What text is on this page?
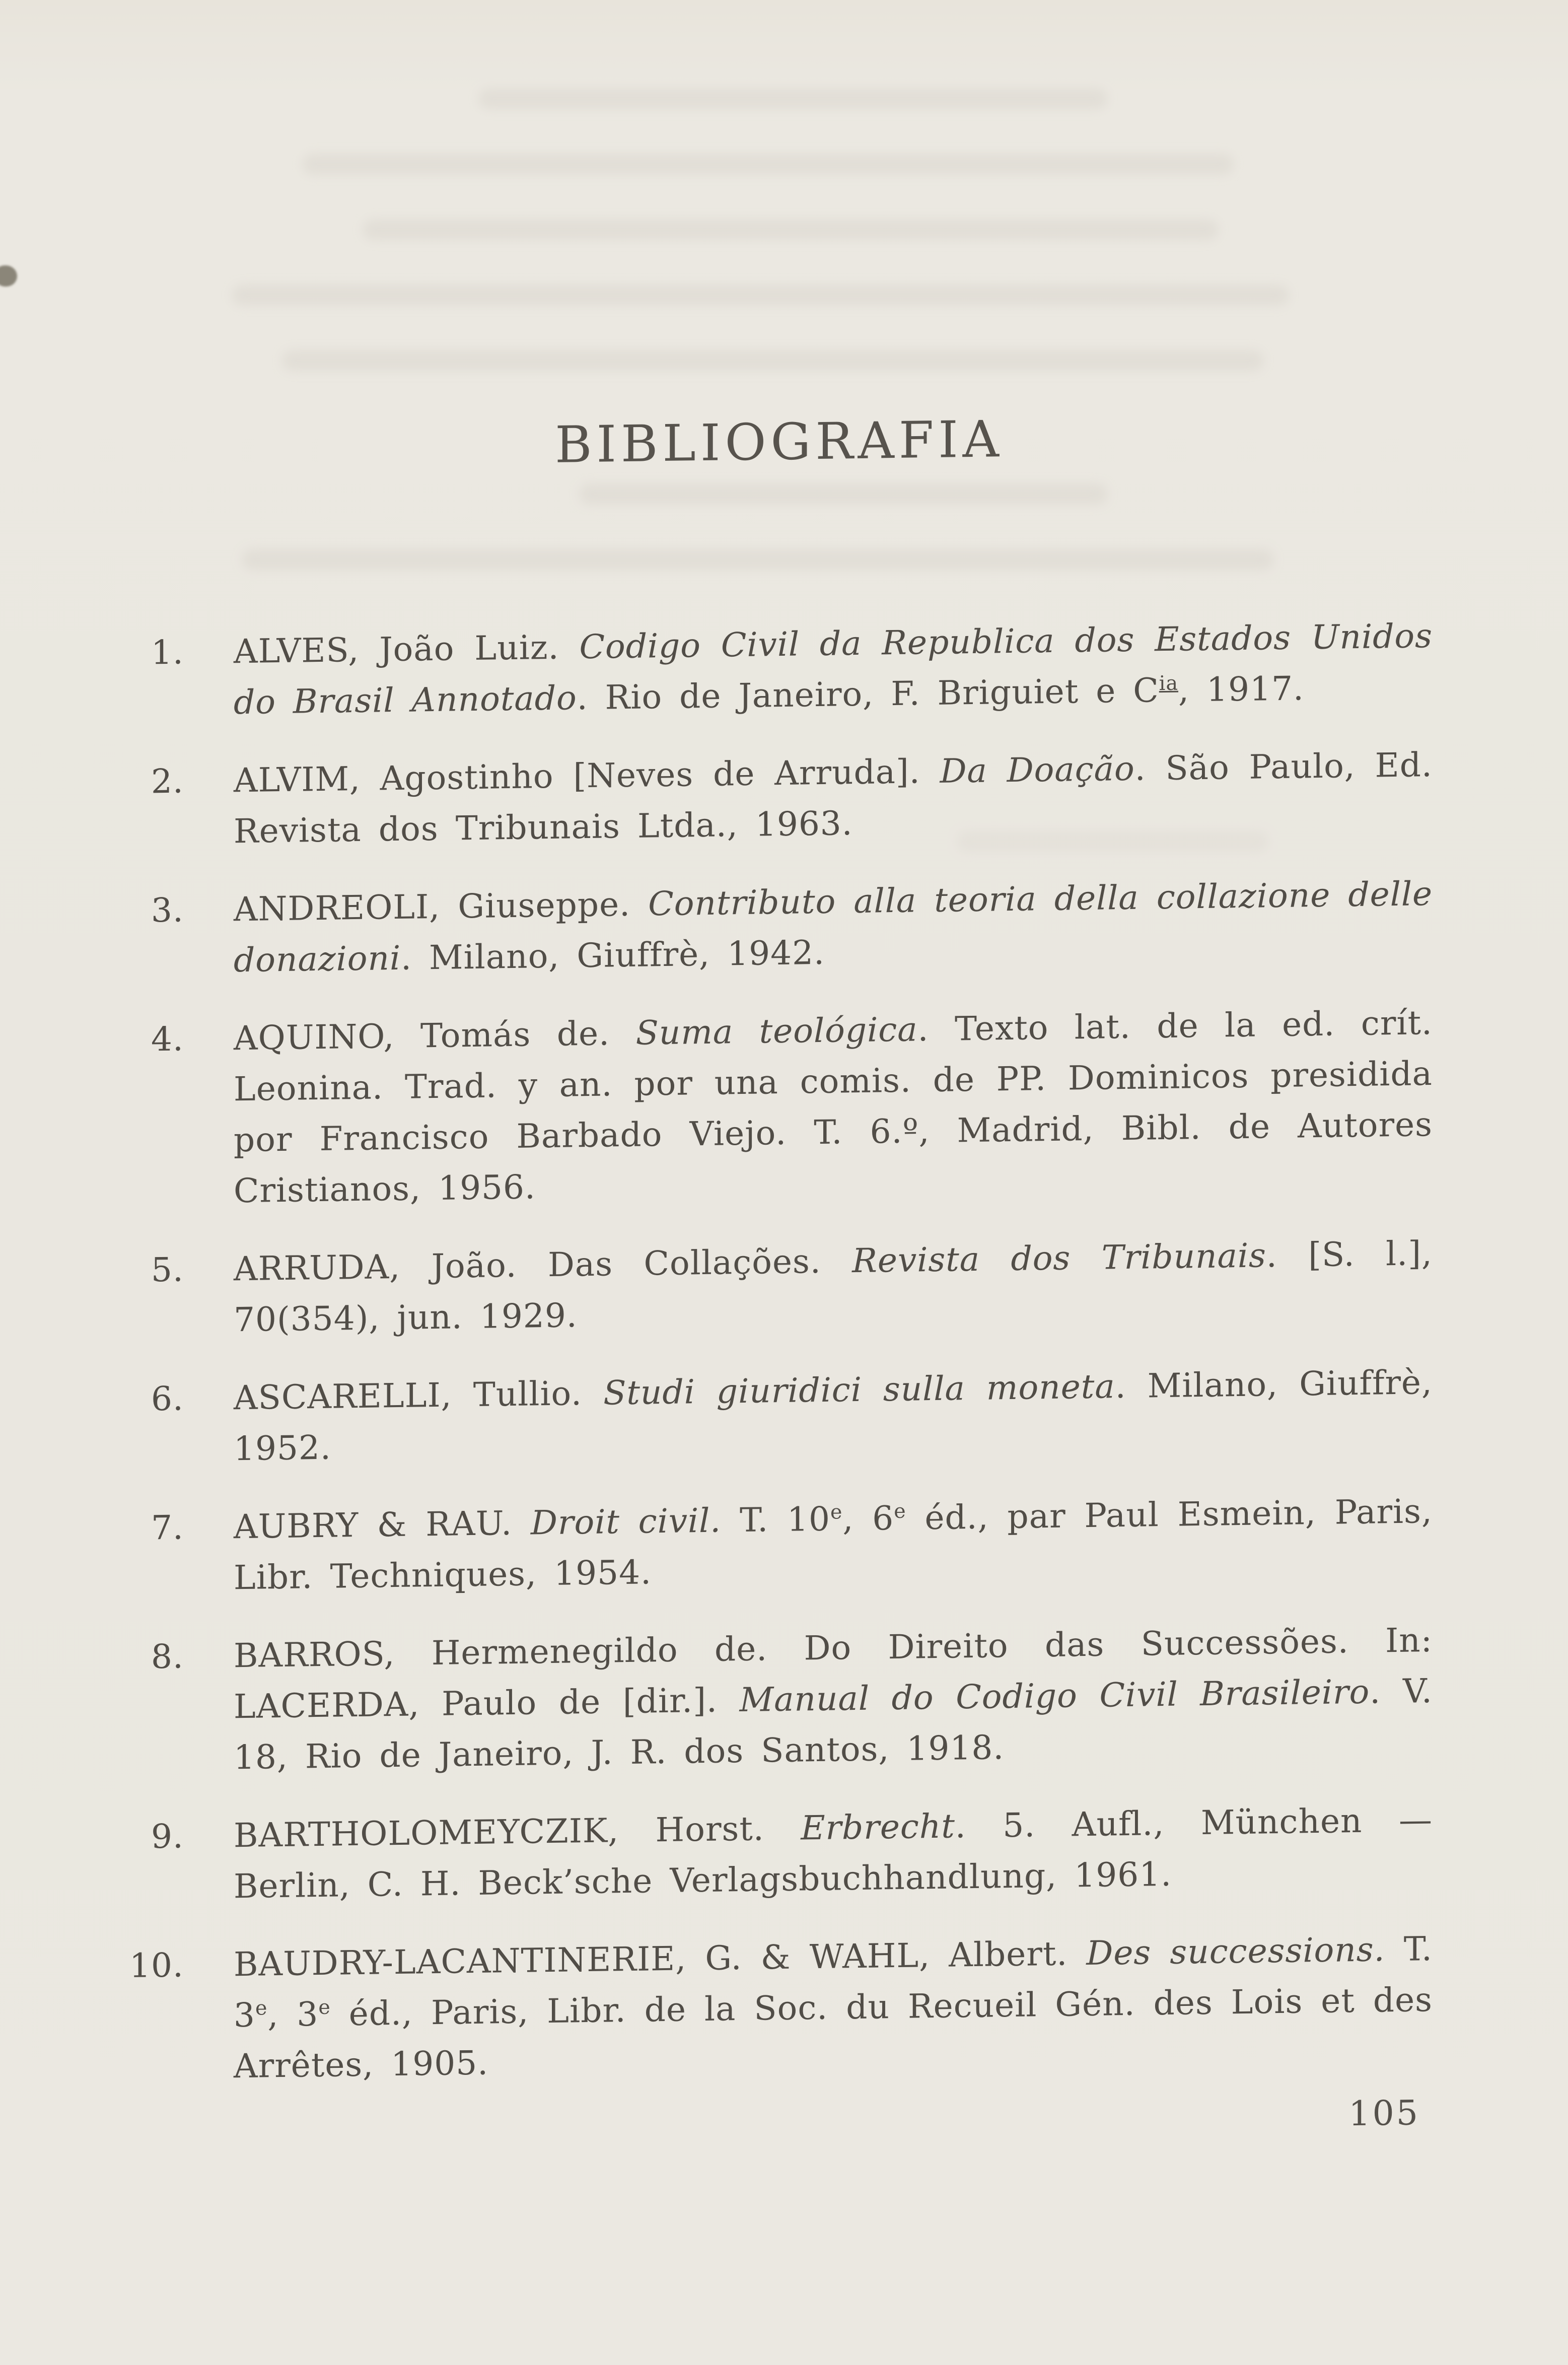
BIBLIOGRAFIA
1. ALVES, João Luiz. Codigo Civil da Republica dos Estados Unidos do Brasil Annotado. Rio de Janeiro, F. Briguiet e $C^{ia}$, 1917.

2. ALVIM, Agostinho [Neves de Arruda]. Da Doação. São Paulo, Ed. Revista dos Tribunais Ltda., 1963.

3. ANDREOLI, Giuseppe. Contributo alla teoria della collazione delle donazioni. Milano, Giuffrè, 1942.

4. AQUINO, Tomás de. Suma teológica. Texto lat. de la ed. crít. Leonina. Trad. y an. por una comis. de PP. Dominicos presidida por Francisco Barbado Viejo. T. 6.º, Madrid, Bibl. de Autores Cristianos, 1956.

5. ARRUDA, João. Das Collações. Revista dos Tribunais. [S. l.], 70(354), jun. 1929.

6. ASCARELLI, Tullio. Studi giuridici sulla moneta. Milano, Giuffrè, 1952.

7. AUBRY & RAU. Droit civil. T. 10e, 6e éd., par Paul Esmein, Paris, Libr. Techniques, 1954.

8. BARROS, Hermenegildo de. Do Direito das Successões. In: LACERDA, Paulo de [dir.]. Manual do Codigo Civil Brasileiro. V. 18, Rio de Janeiro, J. R. dos Santos, 1918.

9. BARTHOLOMEYCZIK, Horst. Erbrecht. 5. Aufl., München — Berlin, C. H. Beck’sche Verlagsbuchhandlung, 1961.

10. BAUDRY-LACANTINERIE, G. & WAHL, Albert. Des successions. T. 3e, 3e éd., Paris, Libr. de la Soc. du Recueil Gén. des Lois et des Arrêtes, 1905.

105
